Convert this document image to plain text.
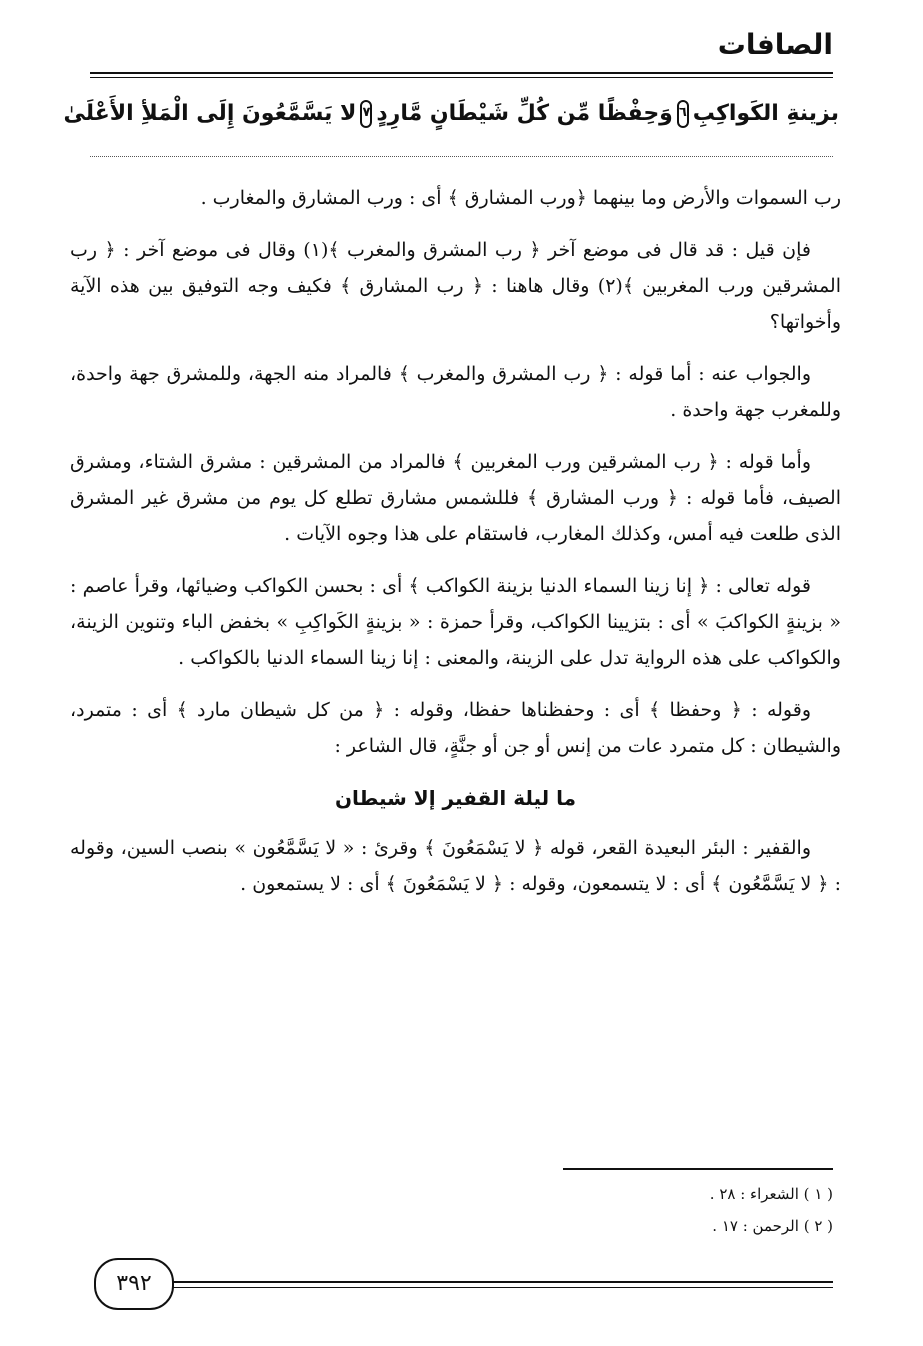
الصافات
بزينةِ الكَواكِبِ
٦
وَحِفْظًا مِّن كُلِّ شَيْطَانٍ مَّارِدٍ
٧
لا يَسَّمَّعُونَ إِلَى الْمَلأِ الأَعْلَىٰ

رب السموات والأرض وما بينهما ﴿ورب المشارق ﴾ أى : ورب المشارق والمغارب .

فإن قيل : قد قال فى موضع آخر ﴿ رب المشرق والمغرب ﴾(١) وقال فى موضع آخر : ﴿ رب المشرقين ورب المغربين ﴾(٢) وقال هاهنا : ﴿ رب المشارق ﴾ فكيف وجه التوفيق بين هذه الآية وأخواتها؟

والجواب عنه : أما قوله : ﴿ رب المشرق والمغرب ﴾ فالمراد منه الجهة، وللمشرق جهة واحدة، وللمغرب جهة واحدة .

وأما قوله : ﴿ رب المشرقين ورب المغربين ﴾ فالمراد من المشرقين : مشرق الشتاء، ومشرق الصيف، فأما قوله : ﴿ ورب المشارق ﴾ فللشمس مشارق تطلع كل يوم من مشرق غير المشرق الذى طلعت فيه أمس، وكذلك المغارب، فاستقام على هذا وجوه الآيات .

قوله تعالى : ﴿ إنا زينا السماء الدنيا بزينة الكواكب ﴾ أى : بحسن الكواكب وضيائها، وقرأ عاصم : « بزينةٍ الكواكبَ » أى : بتزيينا الكواكب، وقرأ حمزة : « بزينةٍ الكَواكِبِ » بخفض الباء وتنوين الزينة، والكواكب على هذه الرواية تدل على الزينة، والمعنى : إنا زينا السماء الدنيا بالكواكب .

وقوله : ﴿ وحفظا ﴾ أى : وحفظناها حفظا، وقوله : ﴿ من كل شيطان مارد ﴾ أى : متمرد، والشيطان : كل متمرد عات من إنس أو جن أو جنَّةٍ، قال الشاعر :

ما ليلة القفير إلا شيطان

والقفير : البئر البعيدة القعر، قوله ﴿ لا يَسْمَعُونَ ﴾ وقرئ : « لا يَسَّمَّعُون » بنصب السين، وقوله : ﴿ لا يَسَّمَّعُون ﴾ أى : لا يتسمعون، وقوله : ﴿ لا يَسْمَعُونَ ﴾ أى : لا يستمعون .

( ١ ) الشعراء : ٢٨ .
( ٢ ) الرحمن : ١٧ .
٣٩٢
